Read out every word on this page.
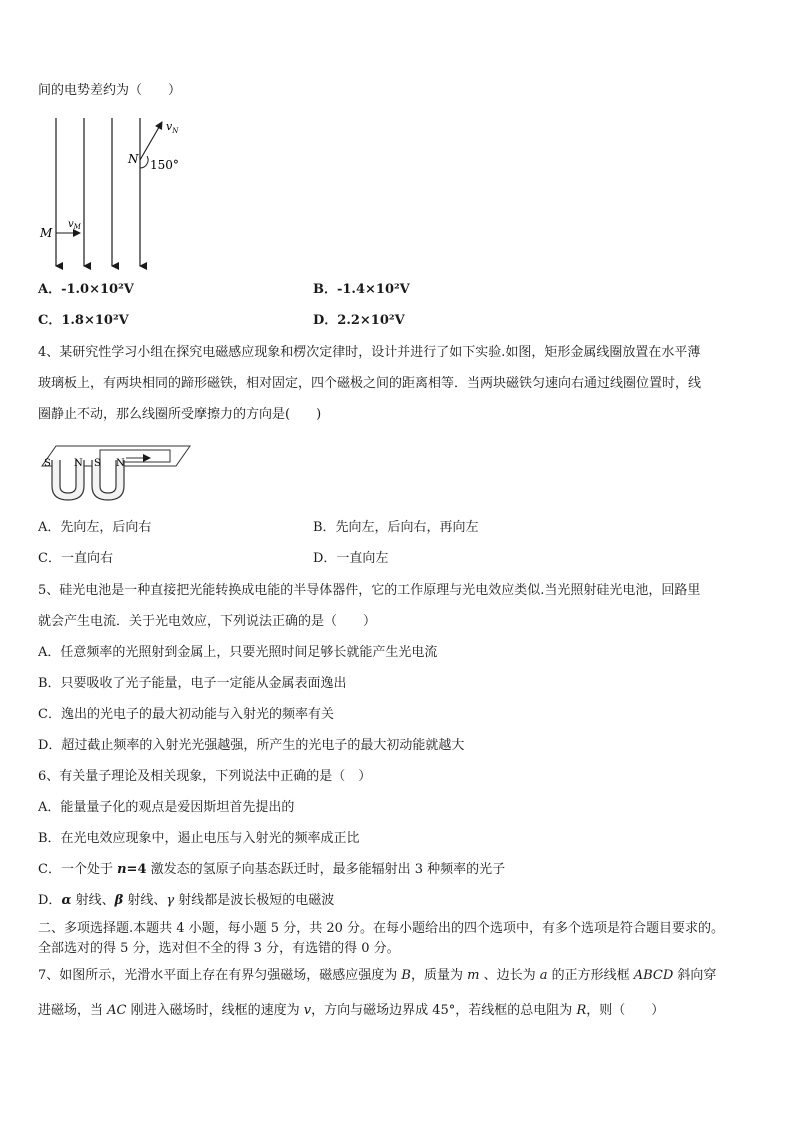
间的电势差约为（　　）
$v_N$
N 150°
M
$v_M$
A．-1.0×10²V	B．-1.4×10²V
C．1.8×10²V	D．2.2×10²V
4、某研究性学习小组在探究电磁感应现象和楞次定律时，设计并进行了如下实验.如图，矩形金属线圈放置在水平薄
玻璃板上，有两块相同的蹄形磁铁，相对固定，四个磁极之间的距离相等．当两块磁铁匀速向右通过线圈位置时，线
圈静止不动，那么线圈所受摩擦力的方向是(　　)
S N S N
A．先向左，后向右	B．先向左，后向右，再向左
C．一直向右	D．一直向左
5、硅光电池是一种直接把光能转换成电能的半导体器件，它的工作原理与光电效应类似.当光照射硅光电池，回路里
就会产生电流．关于光电效应，下列说法正确的是（　　）
A．任意频率的光照射到金属上，只要光照时间足够长就能产生光电流
B．只要吸收了光子能量，电子一定能从金属表面逸出
C．逸出的光电子的最大初动能与入射光的频率有关
D．超过截止频率的入射光光强越强，所产生的光电子的最大初动能就越大
6、有关量子理论及相关现象，下列说法中正确的是（　）
A．能量量子化的观点是爱因斯坦首先提出的
B．在光电效应现象中，遏止电压与入射光的频率成正比
C．一个处于 n=4 激发态的氢原子向基态跃迁时，最多能辐射出 3 种频率的光子
D．α 射线、β 射线、γ 射线都是波长极短的电磁波
二、多项选择题.本题共 4 小题，每小题 5 分，共 20 分。在每小题给出的四个选项中，有多个选项是符合题目要求的。
全部选对的得 5 分，选对但不全的得 3 分，有选错的得 0 分。
7、如图所示，光滑水平面上存在有界匀强磁场，磁感应强度为 B，质量为 m 、边长为 a 的正方形线框 ABCD 斜向穿
进磁场，当 AC 刚进入磁场时，线框的速度为 v，方向与磁场边界成 45°，若线框的总电阻为 R，则（　　）
